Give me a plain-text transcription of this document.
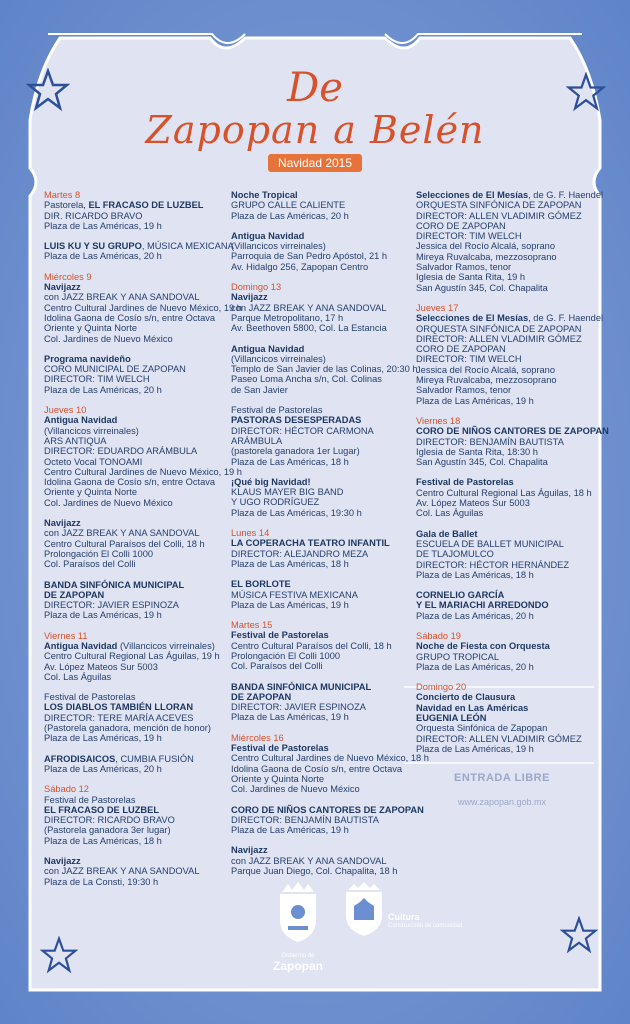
De
Zapopan a Belén
Navidad 2015
Martes 8
Pastorela, EL FRACASO DE LUZBEL
DIR. RICARDO BRAVO
Plaza de Las Américas, 19 h
LUIS KU Y SU GRUPO, MÚSICA MEXICANA
Plaza de Las Américas, 20 h
Miércoles 9
Navijazz
con JAZZ BREAK Y ANA SANDOVAL
Centro Cultural Jardines de Nuevo México, 19 h
Idolina Gaona de Cosío s/n, entre Octava
Oriente y Quinta Norte
Col. Jardines de Nuevo México
Programa navideño
CORO MUNICIPAL DE ZAPOPAN
DIRECTOR: TIM WELCH
Plaza de Las Américas, 20 h
Jueves 10
Antigua Navidad
(Villancicos virreinales)
ARS ANTIQUA
DIRECTOR: EDUARDO ARÁMBULA
Octeto Vocal TONOAMI
Centro Cultural Jardines de Nuevo México, 19 h
Idolina Gaona de Cosío s/n, entre Octava
Oriente y Quinta Norte
Col. Jardines de Nuevo México
Navijazz
con JAZZ BREAK Y ANA SANDOVAL
Centro Cultural Paraísos del Colli, 18 h
Prolongación El Colli 1000
Col. Paraísos del Colli
BANDA SINFÓNICA MUNICIPAL
DE ZAPOPAN
DIRECTOR: JAVIER ESPINOZA
Plaza de Las Américas, 19 h
Viernes 11
Antigua Navidad (Villancicos virreinales)
Centro Cultural Regional Las Águilas, 19 h
Av. López Mateos Sur 5003
Col. Las Águilas
Festival de Pastorelas
LOS DIABLOS TAMBIÉN LLORAN
DIRECTOR: TERE MARÍA ACEVES
(Pastorela ganadora, mención de honor)
Plaza de Las Américas, 19 h
AFRODISAICOS, CUMBIA FUSIÓN
Plaza de Las Américas, 20 h
Sábado 12
Festival de Pastorelas
EL FRACASO DE LUZBEL
DIRECTOR: RICARDO BRAVO
(Pastorela ganadora 3er lugar)
Plaza de Las Américas, 18 h
Navijazz
con JAZZ BREAK Y ANA SANDOVAL
Plaza de La Consti, 19:30 h
Noche Tropical
GRUPO CALLE CALIENTE
Plaza de Las Américas, 20 h
Antigua Navidad
(Villancicos virreinales)
Parroquia de San Pedro Apóstol, 21 h
Av. Hidalgo 256, Zapopan Centro
Domingo 13
Navijazz
con JAZZ BREAK Y ANA SANDOVAL
Parque Metropolitano, 17 h
Av. Beethoven 5800, Col. La Estancia
Antigua Navidad
(Villancicos virreinales)
Templo de San Javier de las Colinas, 20:30 h
Paseo Loma Ancha s/n, Col. Colinas
de San Javier
Festival de Pastorelas
PASTORAS DESESPERADAS
DIRECTOR: HÉCTOR CARMONA
ARÁMBULA
(pastorela ganadora 1er Lugar)
Plaza de Las Américas, 18 h
¡Qué big Navidad!
KLAUS MAYER BIG BAND
Y UGO RODRÍGUEZ
Plaza de Las Américas, 19:30 h
Lunes 14
LA COPERACHA TEATRO INFANTIL
DIRECTOR: ALEJANDRO MEZA
Plaza de Las Américas, 18 h
EL BORLOTE
MÚSICA FESTIVA MEXICANA
Plaza de Las Américas, 19 h
Martes 15
Festival de Pastorelas
Centro Cultural Paraísos del Colli, 18 h
Prolongación El Colli 1000
Col. Paraísos del Colli
BANDA SINFÓNICA MUNICIPAL
DE ZAPOPAN
DIRECTOR: JAVIER ESPINOZA
Plaza de Las Américas, 19 h
Miércoles 16
Festival de Pastorelas
Centro Cultural Jardines de Nuevo México, 18 h
Idolina Gaona de Cosío s/n, entre Octava
Oriente y Quinta Norte
Col. Jardines de Nuevo México
CORO DE NIÑOS CANTORES DE ZAPOPAN
DIRECTOR: BENJAMÍN BAUTISTA
Plaza de Las Américas, 19 h
Navijazz
con JAZZ BREAK Y ANA SANDOVAL
Parque Juan Diego, Col. Chapalita, 18 h
Selecciones de El Mesías, de G. F. Haendel
ORQUESTA SINFÓNICA DE ZAPOPAN
DIRECTOR: ALLEN VLADIMIR GÓMEZ
CORO DE ZAPOPAN
DIRECTOR: TIM WELCH
Jessica del Rocío Alcalá, soprano
Mireya Ruvalcaba, mezzosoprano
Salvador Ramos, tenor
Iglesia de Santa Rita, 19 h
San Agustín 345, Col. Chapalita
Jueves 17
Selecciones de El Mesías, de G. F. Haendel
ORQUESTA SINFÓNICA DE ZAPOPAN
DIRECTOR: ALLEN VLADIMIR GÓMEZ
CORO DE ZAPOPAN
DIRECTOR: TIM WELCH
Jessica del Rocío Alcalá, soprano
Mireya Ruvalcaba, mezzosoprano
Salvador Ramos, tenor
Plaza de Las Américas, 19 h
Viernes 18
CORO DE NIÑOS CANTORES DE ZAPOPAN
DIRECTOR: BENJAMÍN BAUTISTA
Iglesia de Santa Rita, 18:30 h
San Agustín 345, Col. Chapalita
Festival de Pastorelas
Centro Cultural Regional Las Águilas, 18 h
Av. López Mateos Sur 5003
Col. Las Águilas
Gala de Ballet
ESCUELA DE BALLET MUNICIPAL
DE TLAJOMULCO
DIRECTOR: HÉCTOR HERNÁNDEZ
Plaza de Las Américas, 18 h
CORNELIO GARCÍA
Y EL MARIACHI ARREDONDO
Plaza de Las Américas, 20 h
Sábado 19
Noche de Fiesta con Orquesta
GRUPO TROPICAL
Plaza de Las Américas, 20 h
Domingo 20
Concierto de Clausura
Navidad en Las Américas
EUGENIA LEÓN
Orquesta Sinfónica de Zapopan
DIRECTOR: ALLEN VLADIMIR GÓMEZ
Plaza de Las Américas, 19 h
ENTRADA LIBRE
www.zapopan.gob.mx
Gobierno de
Zapopan
Cultura
Construcción de comunidad
